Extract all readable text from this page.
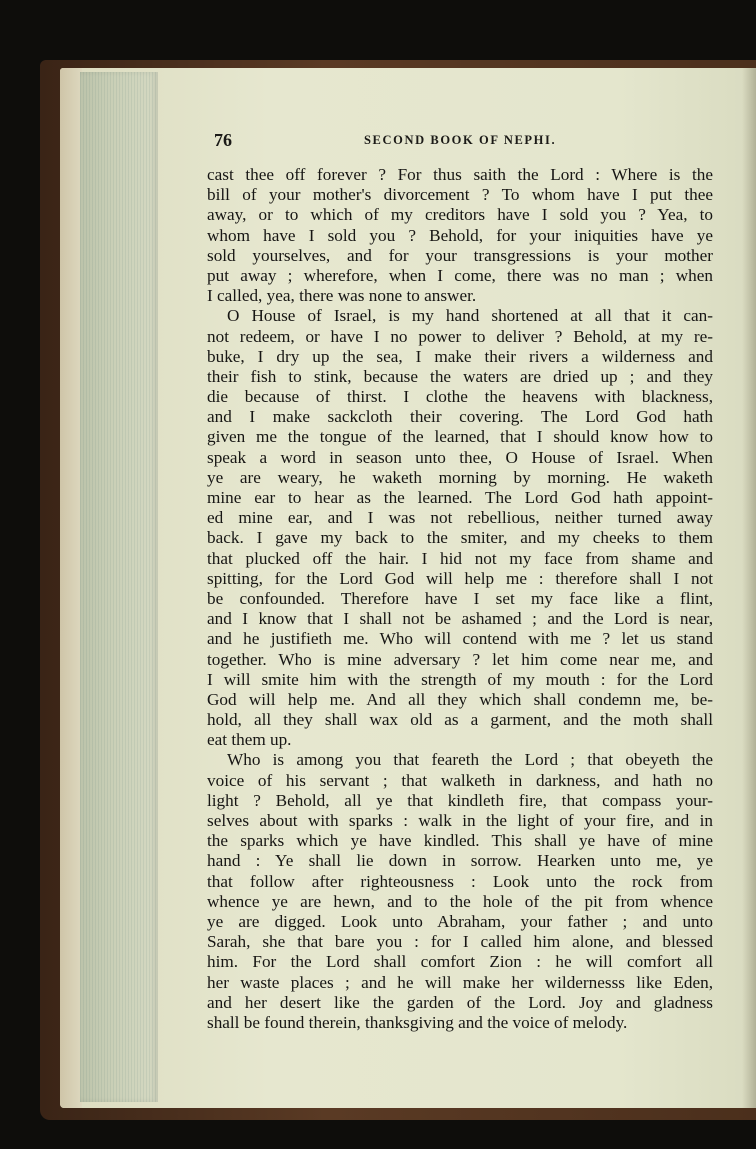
76	SECOND BOOK OF NEPHI.
cast thee off forever ? For thus saith the Lord : Where is the
bill of your mother's divorcement ? To whom have I put thee
away, or to which of my creditors have I sold you ? Yea, to
whom have I sold you ? Behold, for your iniquities have ye
sold yourselves, and for your transgressions is your mother
put away ; wherefore, when I come, there was no man ; when
I called, yea, there was none to answer.
O House of Israel, is my hand shortened at all that it can-
not redeem, or have I no power to deliver ? Behold, at my re-
buke, I dry up the sea, I make their rivers a wilderness and
their fish to stink, because the waters are dried up ; and they
die because of thirst. I clothe the heavens with blackness,
and I make sackcloth their covering. The Lord God hath
given me the tongue of the learned, that I should know how to
speak a word in season unto thee, O House of Israel. When
ye are weary, he waketh morning by morning. He waketh
mine ear to hear as the learned. The Lord God hath appoint-
ed mine ear, and I was not rebellious, neither turned away
back. I gave my back to the smiter, and my cheeks to them
that plucked off the hair. I hid not my face from shame and
spitting, for the Lord God will help me : therefore shall I not
be confounded. Therefore have I set my face like a flint,
and I know that I shall not be ashamed ; and the Lord is near,
and he justifieth me. Who will contend with me ? let us stand
together. Who is mine adversary ? let him come near me, and
I will smite him with the strength of my mouth : for the Lord
God will help me. And all they which shall condemn me, be-
hold, all they shall wax old as a garment, and the moth shall
eat them up.
Who is among you that feareth the Lord ; that obeyeth the
voice of his servant ; that walketh in darkness, and hath no
light ? Behold, all ye that kindleth fire, that compass your-
selves about with sparks : walk in the light of your fire, and in
the sparks which ye have kindled. This shall ye have of mine
hand : Ye shall lie down in sorrow. Hearken unto me, ye
that follow after righteousness : Look unto the rock from
whence ye are hewn, and to the hole of the pit from whence
ye are digged. Look unto Abraham, your father ; and unto
Sarah, she that bare you : for I called him alone, and blessed
him. For the Lord shall comfort Zion : he will comfort all
her waste places ; and he will make her wildernesss like Eden,
and her desert like the garden of the Lord. Joy and gladness
shall be found therein, thanksgiving and the voice of melody.
